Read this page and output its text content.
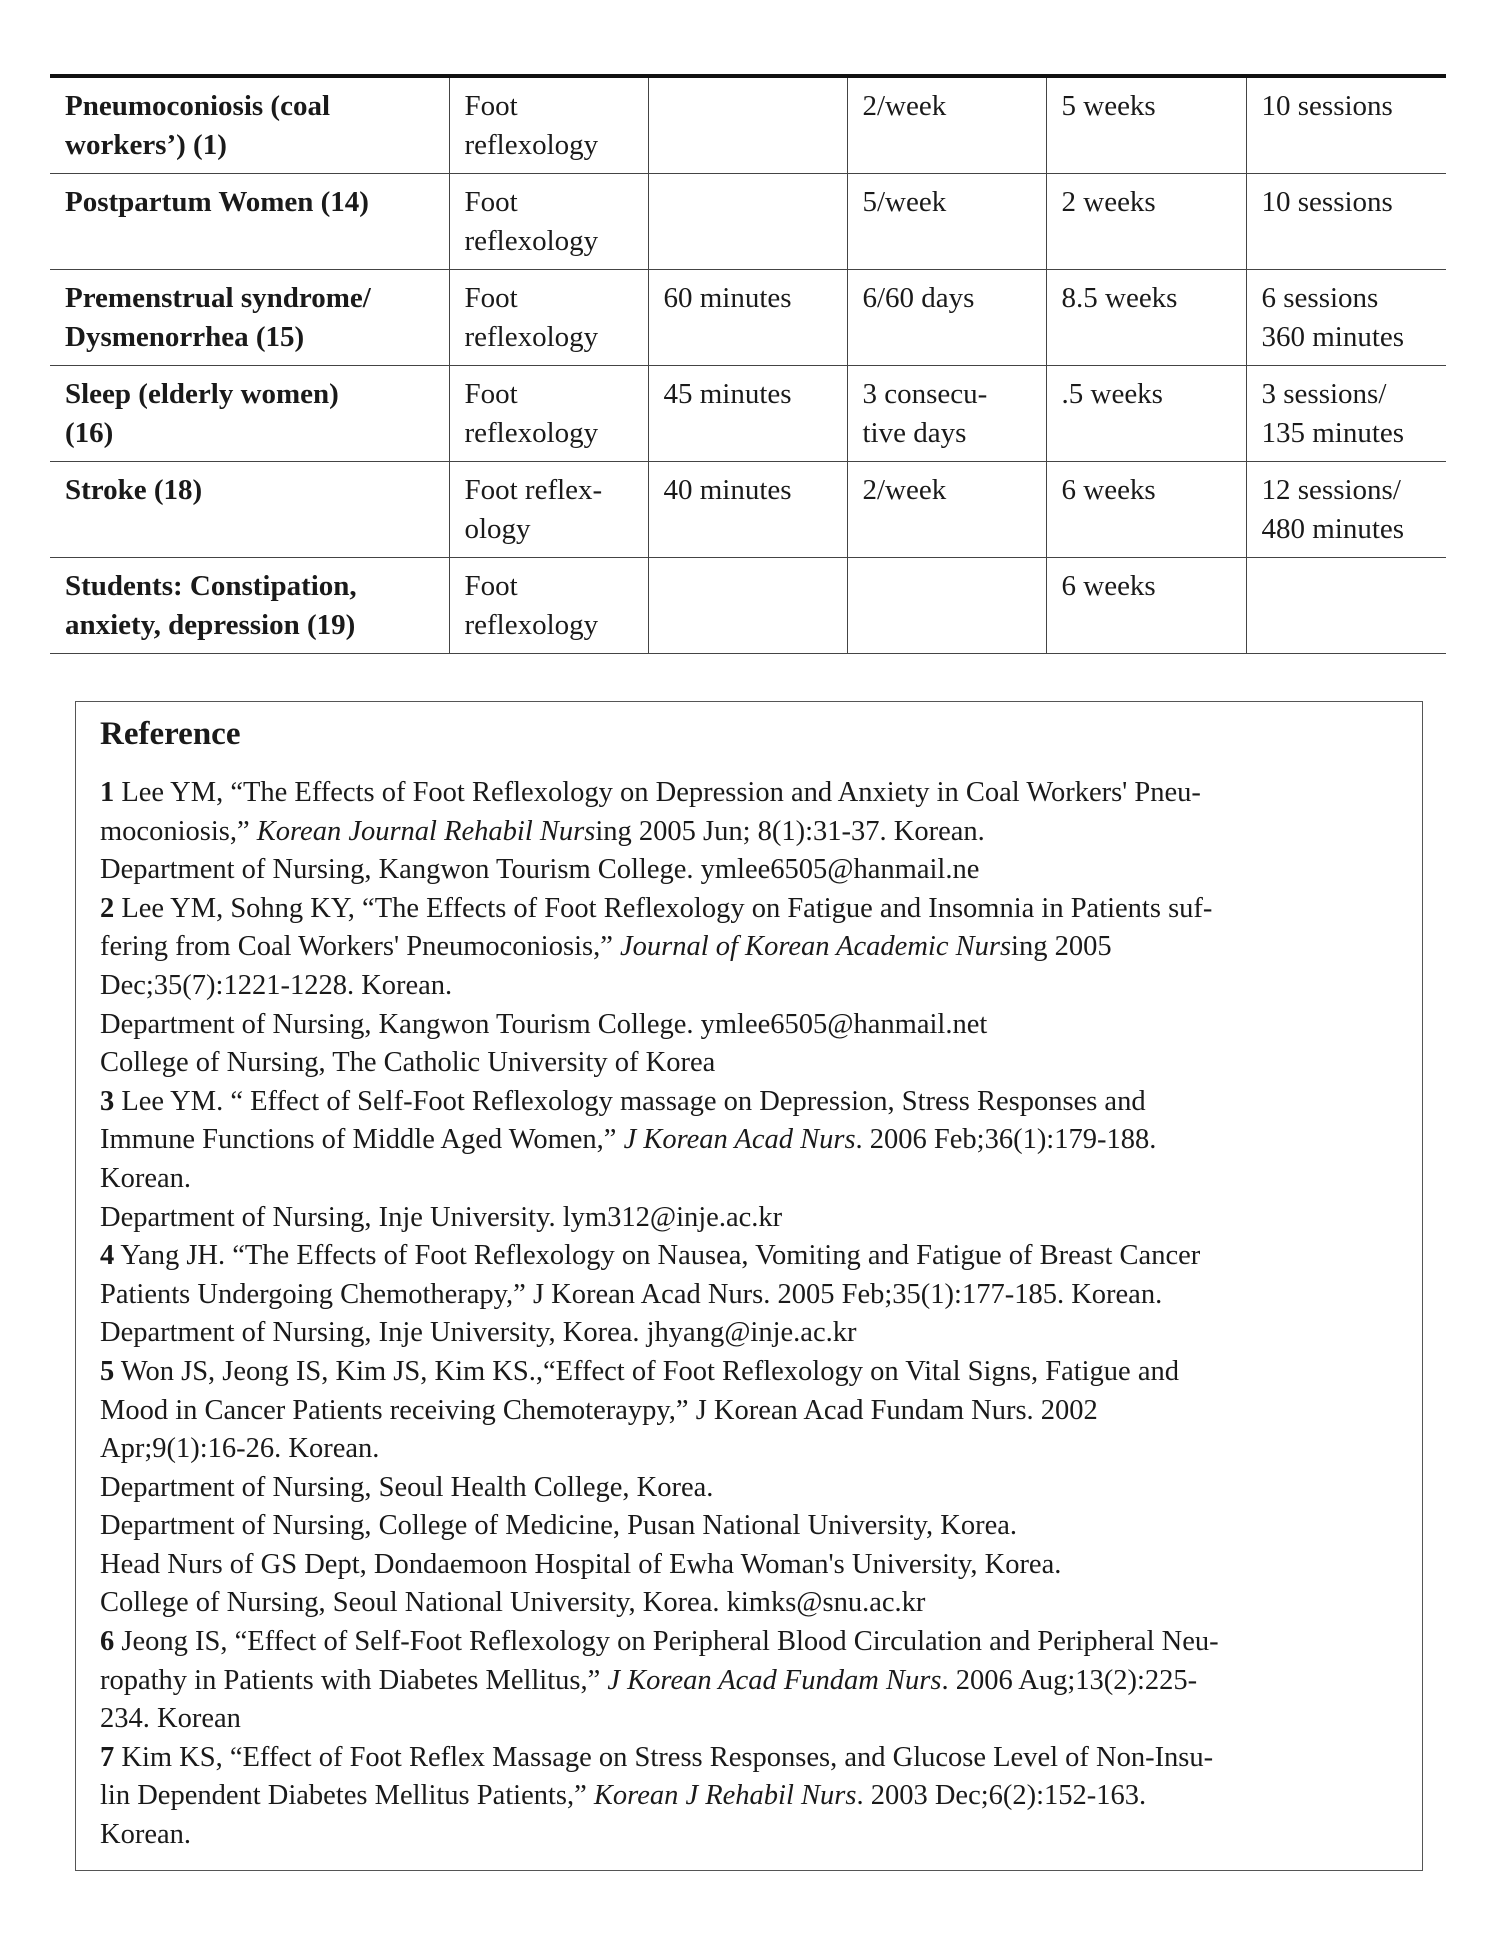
Pneumoconiosis (coal
workers’) (1)	Foot
reflexology		2/week	5 weeks	10 sessions
Postpartum Women (14)	Foot
reflexology		5/week	2 weeks	10 sessions
Premenstrual syndrome/
Dysmenorrhea (15)	Foot
reflexology	60 minutes	6/60 days	8.5 weeks	6 sessions
360 minutes
Sleep (elderly women)
(16)	Foot
reflexology	45 minutes	3 consecu-
tive days	.5 weeks	3 sessions/
135 minutes
Stroke (18)	Foot reflex-
ology	40 minutes	2/week	6 weeks	12 sessions/
480 minutes
Students: Constipation,
anxiety, depression (19)	Foot
reflexology			6 weeks	
Reference
1 Lee YM, “The Effects of Foot Reflexology on Depression and Anxiety in Coal Workers' Pneu-
moconiosis,” Korean Journal Rehabil Nursing 2005 Jun; 8(1):31-37. Korean.
Department of Nursing, Kangwon Tourism College. ymlee6505@hanmail.ne
2 Lee YM, Sohng KY, “The Effects of Foot Reflexology on Fatigue and Insomnia in Patients suf-
fering from Coal Workers' Pneumoconiosis,” Journal of Korean Academic Nursing 2005
Dec;35(7):1221-1228. Korean.
Department of Nursing, Kangwon Tourism College. ymlee6505@hanmail.net
College of Nursing, The Catholic University of Korea
3 Lee YM. “ Effect of Self-Foot Reflexology massage on Depression, Stress Responses and
Immune Functions of Middle Aged Women,” J Korean Acad Nurs. 2006 Feb;36(1):179-188.
Korean.
Department of Nursing, Inje University. lym312@inje.ac.kr
4 Yang JH. “The Effects of Foot Reflexology on Nausea, Vomiting and Fatigue of Breast Cancer
Patients Undergoing Chemotherapy,” J Korean Acad Nurs. 2005 Feb;35(1):177-185. Korean.
Department of Nursing, Inje University, Korea. jhyang@inje.ac.kr
5 Won JS, Jeong IS, Kim JS, Kim KS.,“Effect of Foot Reflexology on Vital Signs, Fatigue and
Mood in Cancer Patients receiving Chemoteraypy,” J Korean Acad Fundam Nurs. 2002
Apr;9(1):16-26. Korean.
Department of Nursing, Seoul Health College, Korea.
Department of Nursing, College of Medicine, Pusan National University, Korea.
Head Nurs of GS Dept, Dondaemoon Hospital of Ewha Woman's University, Korea.
College of Nursing, Seoul National University, Korea. kimks@snu.ac.kr
6 Jeong IS, “Effect of Self-Foot Reflexology on Peripheral Blood Circulation and Peripheral Neu-
ropathy in Patients with Diabetes Mellitus,” J Korean Acad Fundam Nurs. 2006 Aug;13(2):225-
234. Korean
7 Kim KS, “Effect of Foot Reflex Massage on Stress Responses, and Glucose Level of Non-Insu-
lin Dependent Diabetes Mellitus Patients,” Korean J Rehabil Nurs. 2003 Dec;6(2):152-163.
Korean.
